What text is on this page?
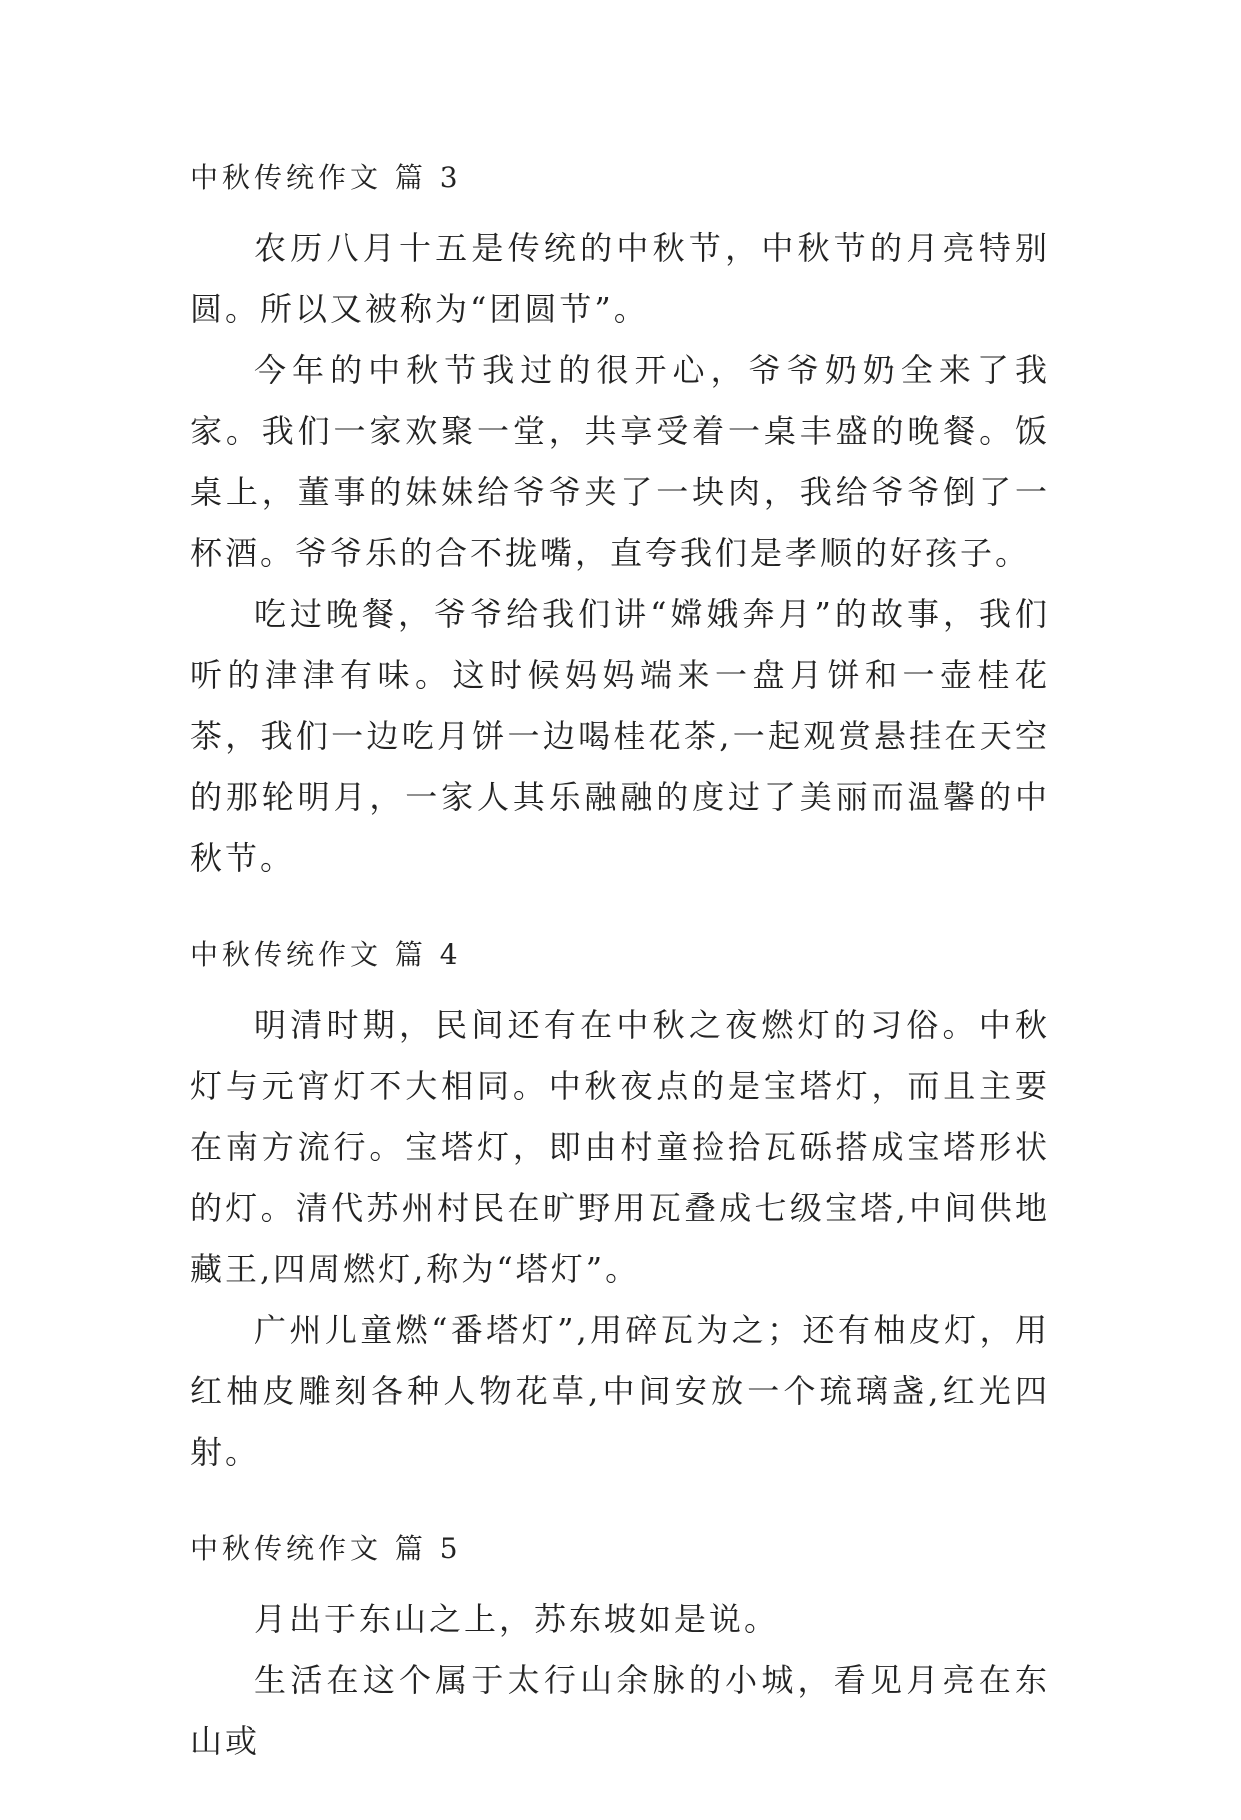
中秋传统作文 篇 3

农历八月十五是传统的中秋节，中秋节的月亮特别圆。所以又被称为“团圆节”。

今年的中秋节我过的很开心，爷爷奶奶全来了我家。我们一家欢聚一堂，共享受着一桌丰盛的晚餐。饭桌上，董事的妹妹给爷爷夹了一块肉，我给爷爷倒了一杯酒。爷爷乐的合不拢嘴，直夸我们是孝顺的好孩子。

吃过晚餐，爷爷给我们讲“嫦娥奔月”的故事，我们听的津津有味。这时候妈妈端来一盘月饼和一壶桂花茶，我们一边吃月饼一边喝桂花茶,一起观赏悬挂在天空的那轮明月，一家人其乐融融的度过了美丽而温馨的中秋节。

中秋传统作文 篇 4

明清时期，民间还有在中秋之夜燃灯的习俗。中秋灯与元宵灯不大相同。中秋夜点的是宝塔灯，而且主要在南方流行。宝塔灯，即由村童捡拾瓦砾搭成宝塔形状的灯。清代苏州村民在旷野用瓦叠成七级宝塔,中间供地藏王,四周燃灯,称为“塔灯”。

广州儿童燃“番塔灯”,用碎瓦为之；还有柚皮灯，用红柚皮雕刻各种人物花草,中间安放一个琉璃盏,红光四射。

中秋传统作文 篇 5

月出于东山之上，苏东坡如是说。

生活在这个属于太行山余脉的小城，看见月亮在东山或
